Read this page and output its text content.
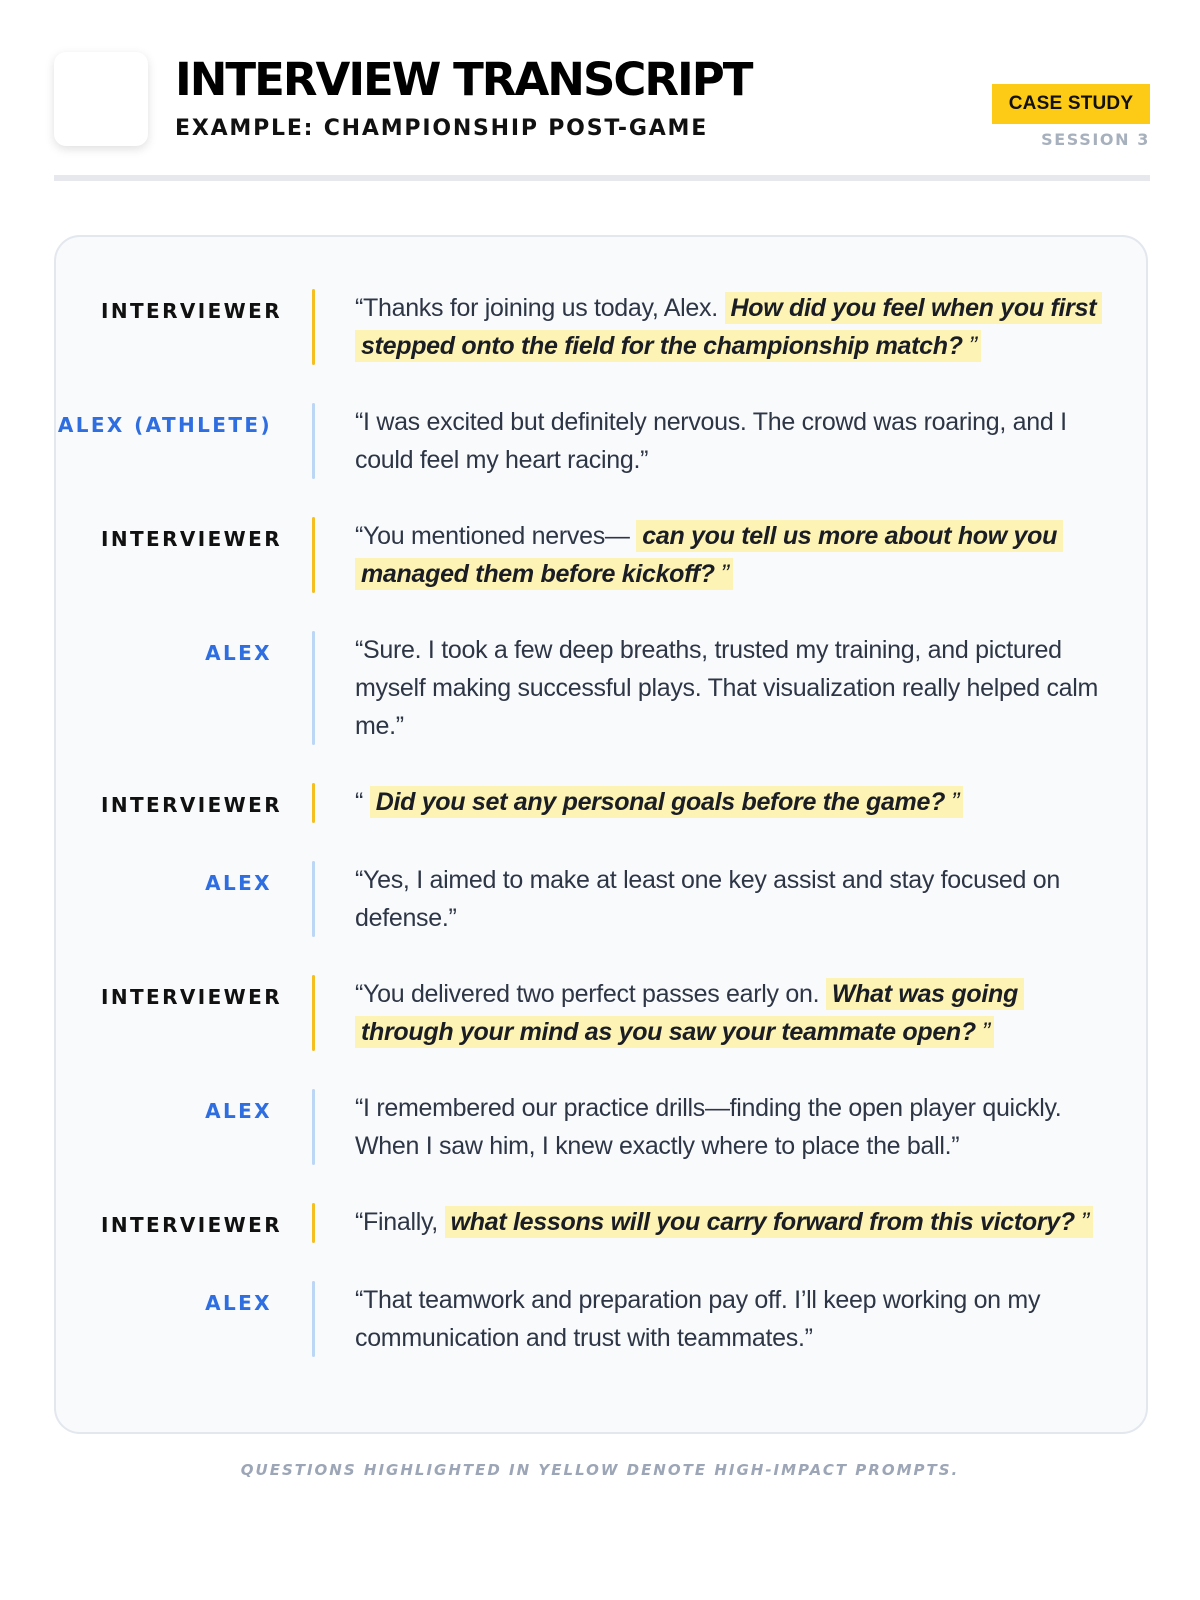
INTERVIEW TRANSCRIPT
EXAMPLE: CHAMPIONSHIP POST-GAME
CASE STUDY
SESSION 3
INTERVIEWER	“Thanks for joining us today, Alex. How did you feel when you first stepped onto the field for the championship match? ”
ALEX (ATHLETE)	“I was excited but definitely nervous. The crowd was roaring, and I could feel my heart racing.”
INTERVIEWER	“You mentioned nerves— can you tell us more about how you managed them before kickoff? ”
ALEX	“Sure. I took a few deep breaths, trusted my training, and pictured myself making successful plays. That visualization really helped calm me.”
INTERVIEWER	“ Did you set any personal goals before the game? ”
ALEX	“Yes, I aimed to make at least one key assist and stay focused on defense.”
INTERVIEWER	“You delivered two perfect passes early on. What was going through your mind as you saw your teammate open? ”
ALEX	“I remembered our practice drills—finding the open player quickly. When I saw him, I knew exactly where to place the ball.”
INTERVIEWER	“Finally, what lessons will you carry forward from this victory? ”
ALEX	“That teamwork and preparation pay off. I’ll keep working on my communication and trust with teammates.”
QUESTIONS HIGHLIGHTED IN YELLOW DENOTE HIGH-IMPACT PROMPTS.
